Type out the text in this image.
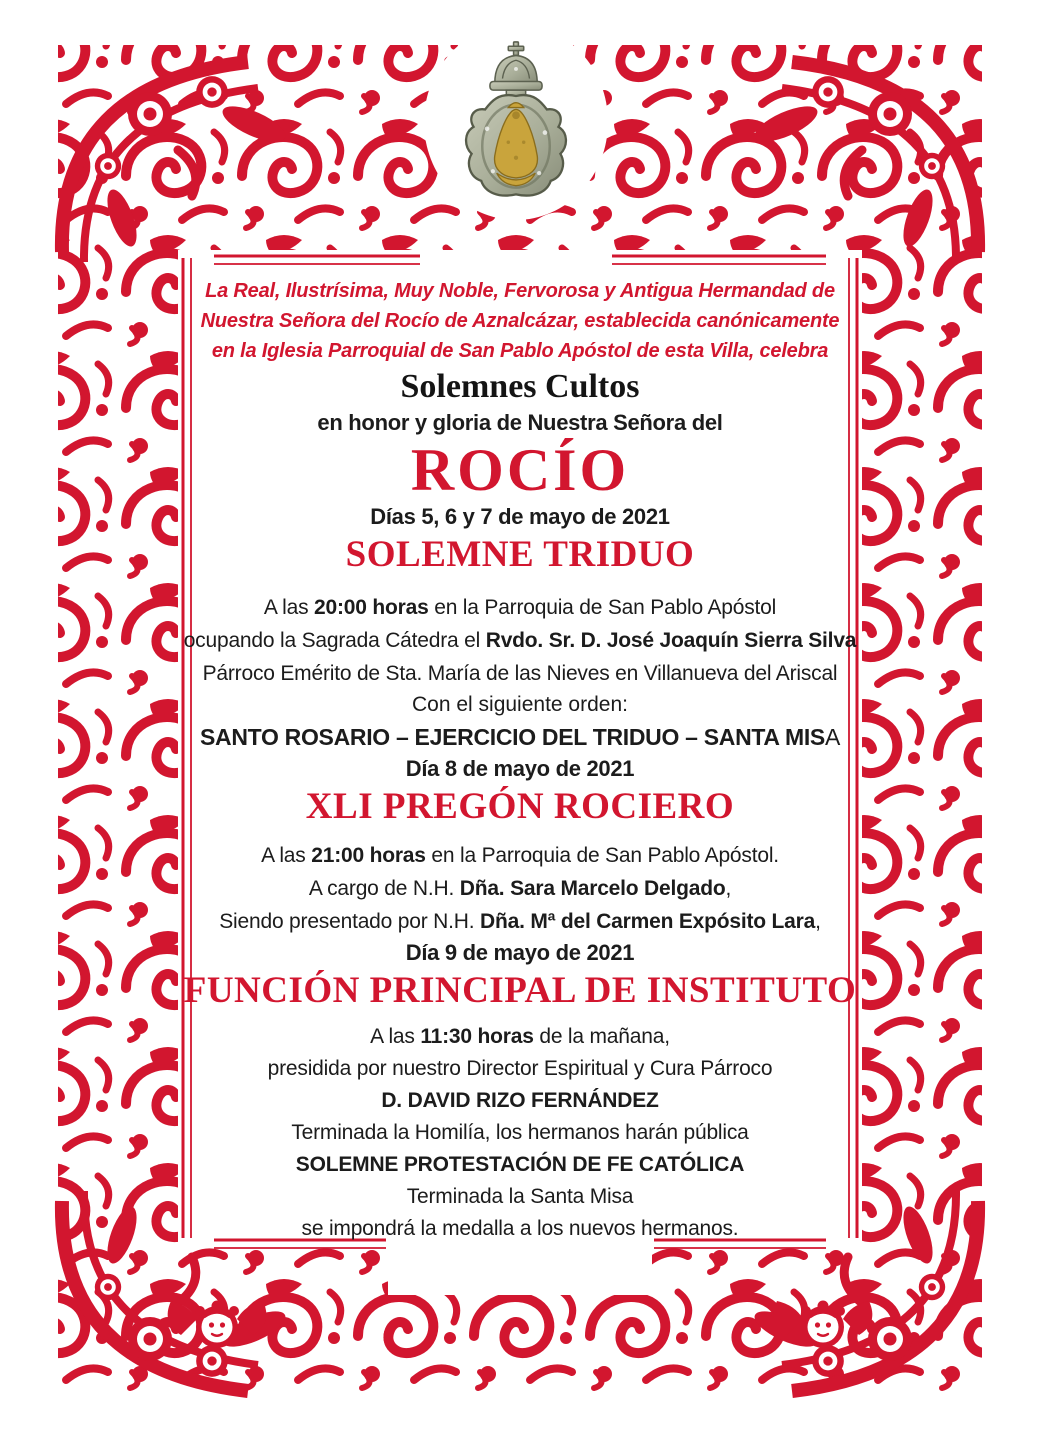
La Real, Ilustrísima, Muy Noble, Fervorosa y Antigua Hermandad de

Nuestra Señora del Rocío de Aznalcázar, establecida canónicamente

en la Iglesia Parroquial de San Pablo Apóstol de esta Villa, celebra

Solemnes Cultos

en honor y gloria de Nuestra Señora del

ROCÍO

Días 5, 6 y 7 de mayo de 2021

SOLEMNE TRIDUO

A las 20:00 horas en la Parroquia de San Pablo Apóstol

ocupando la Sagrada Cátedra el Rvdo. Sr. D. José Joaquín Sierra Silva

Párroco Emérito de Sta. María de las Nieves en Villanueva del Ariscal

Con el siguiente orden:

SANTO ROSARIO – EJERCICIO DEL TRIDUO – SANTA MISA

Día 8 de mayo de 2021

XLI PREGÓN ROCIERO

A las 21:00 horas en la Parroquia de San Pablo Apóstol.

A cargo de N.H. Dña. Sara Marcelo Delgado,

Siendo presentado por N.H. Dña. Mª del Carmen Expósito Lara,

Día 9 de mayo de 2021

FUNCIÓN PRINCIPAL DE INSTITUTO

A las 11:30 horas de la mañana,

presidida por nuestro Director Espiritual y Cura Párroco

D. DAVID RIZO FERNÁNDEZ

Terminada la Homilía, los hermanos harán pública

SOLEMNE PROTESTACIÓN DE FE CATÓLICA

Terminada la Santa Misa

se impondrá la medalla a los nuevos hermanos.
